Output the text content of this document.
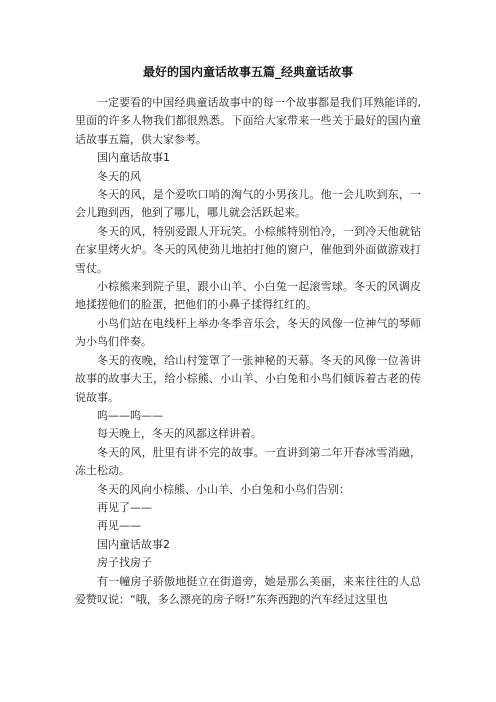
最好的国内童话故事五篇_经典童话故事

一定要看的中国经典童话故事中的每一个故事都是我们耳熟能详的,里面的许多人物我们都很熟悉。下面给大家带来一些关于最好的国内童话故事五篇，供大家参考。

国内童话故事1

冬天的风

冬天的风，是个爱吹口哨的淘气的小男孩儿。他一会儿吹到东，一会儿跑到西，他到了哪儿，哪儿就会活跃起来。

冬天的风，特别爱跟人开玩笑。小棕熊特别怕冷，一到冷天他就钻在家里烤火炉。冬天的风使劲儿地拍打他的窗户，催他到外面做游戏打雪仗。

小棕熊来到院子里，跟小山羊、小白兔一起滚雪球。冬天的风调皮地揉搓他们的脸蛋，把他们的小鼻子揉得红红的。

小鸟们站在电线杆上举办冬季音乐会，冬天的风像一位神气的琴师为小鸟们伴奏。

冬天的夜晚，给山村笼罩了一张神秘的天幕。冬天的风像一位善讲故事的故事大王，给小棕熊、小山羊、小白兔和小鸟们倾诉着古老的传说故事。

呜——呜——

每天晚上，冬天的风都这样讲着。

冬天的风，肚里有讲不完的故事。一直讲到第二年开春冰雪消融，冻土松动。

冬天的风向小棕熊、小山羊、小白兔和小鸟们告别：

再见了——

再见——

国内童话故事2

房子找房子

有一幢房子骄傲地挺立在街道旁，她是那么美丽，来来往往的人总爱赞叹说：“哦，多么漂亮的房子呀!”东奔西跑的汽车经过这里也
